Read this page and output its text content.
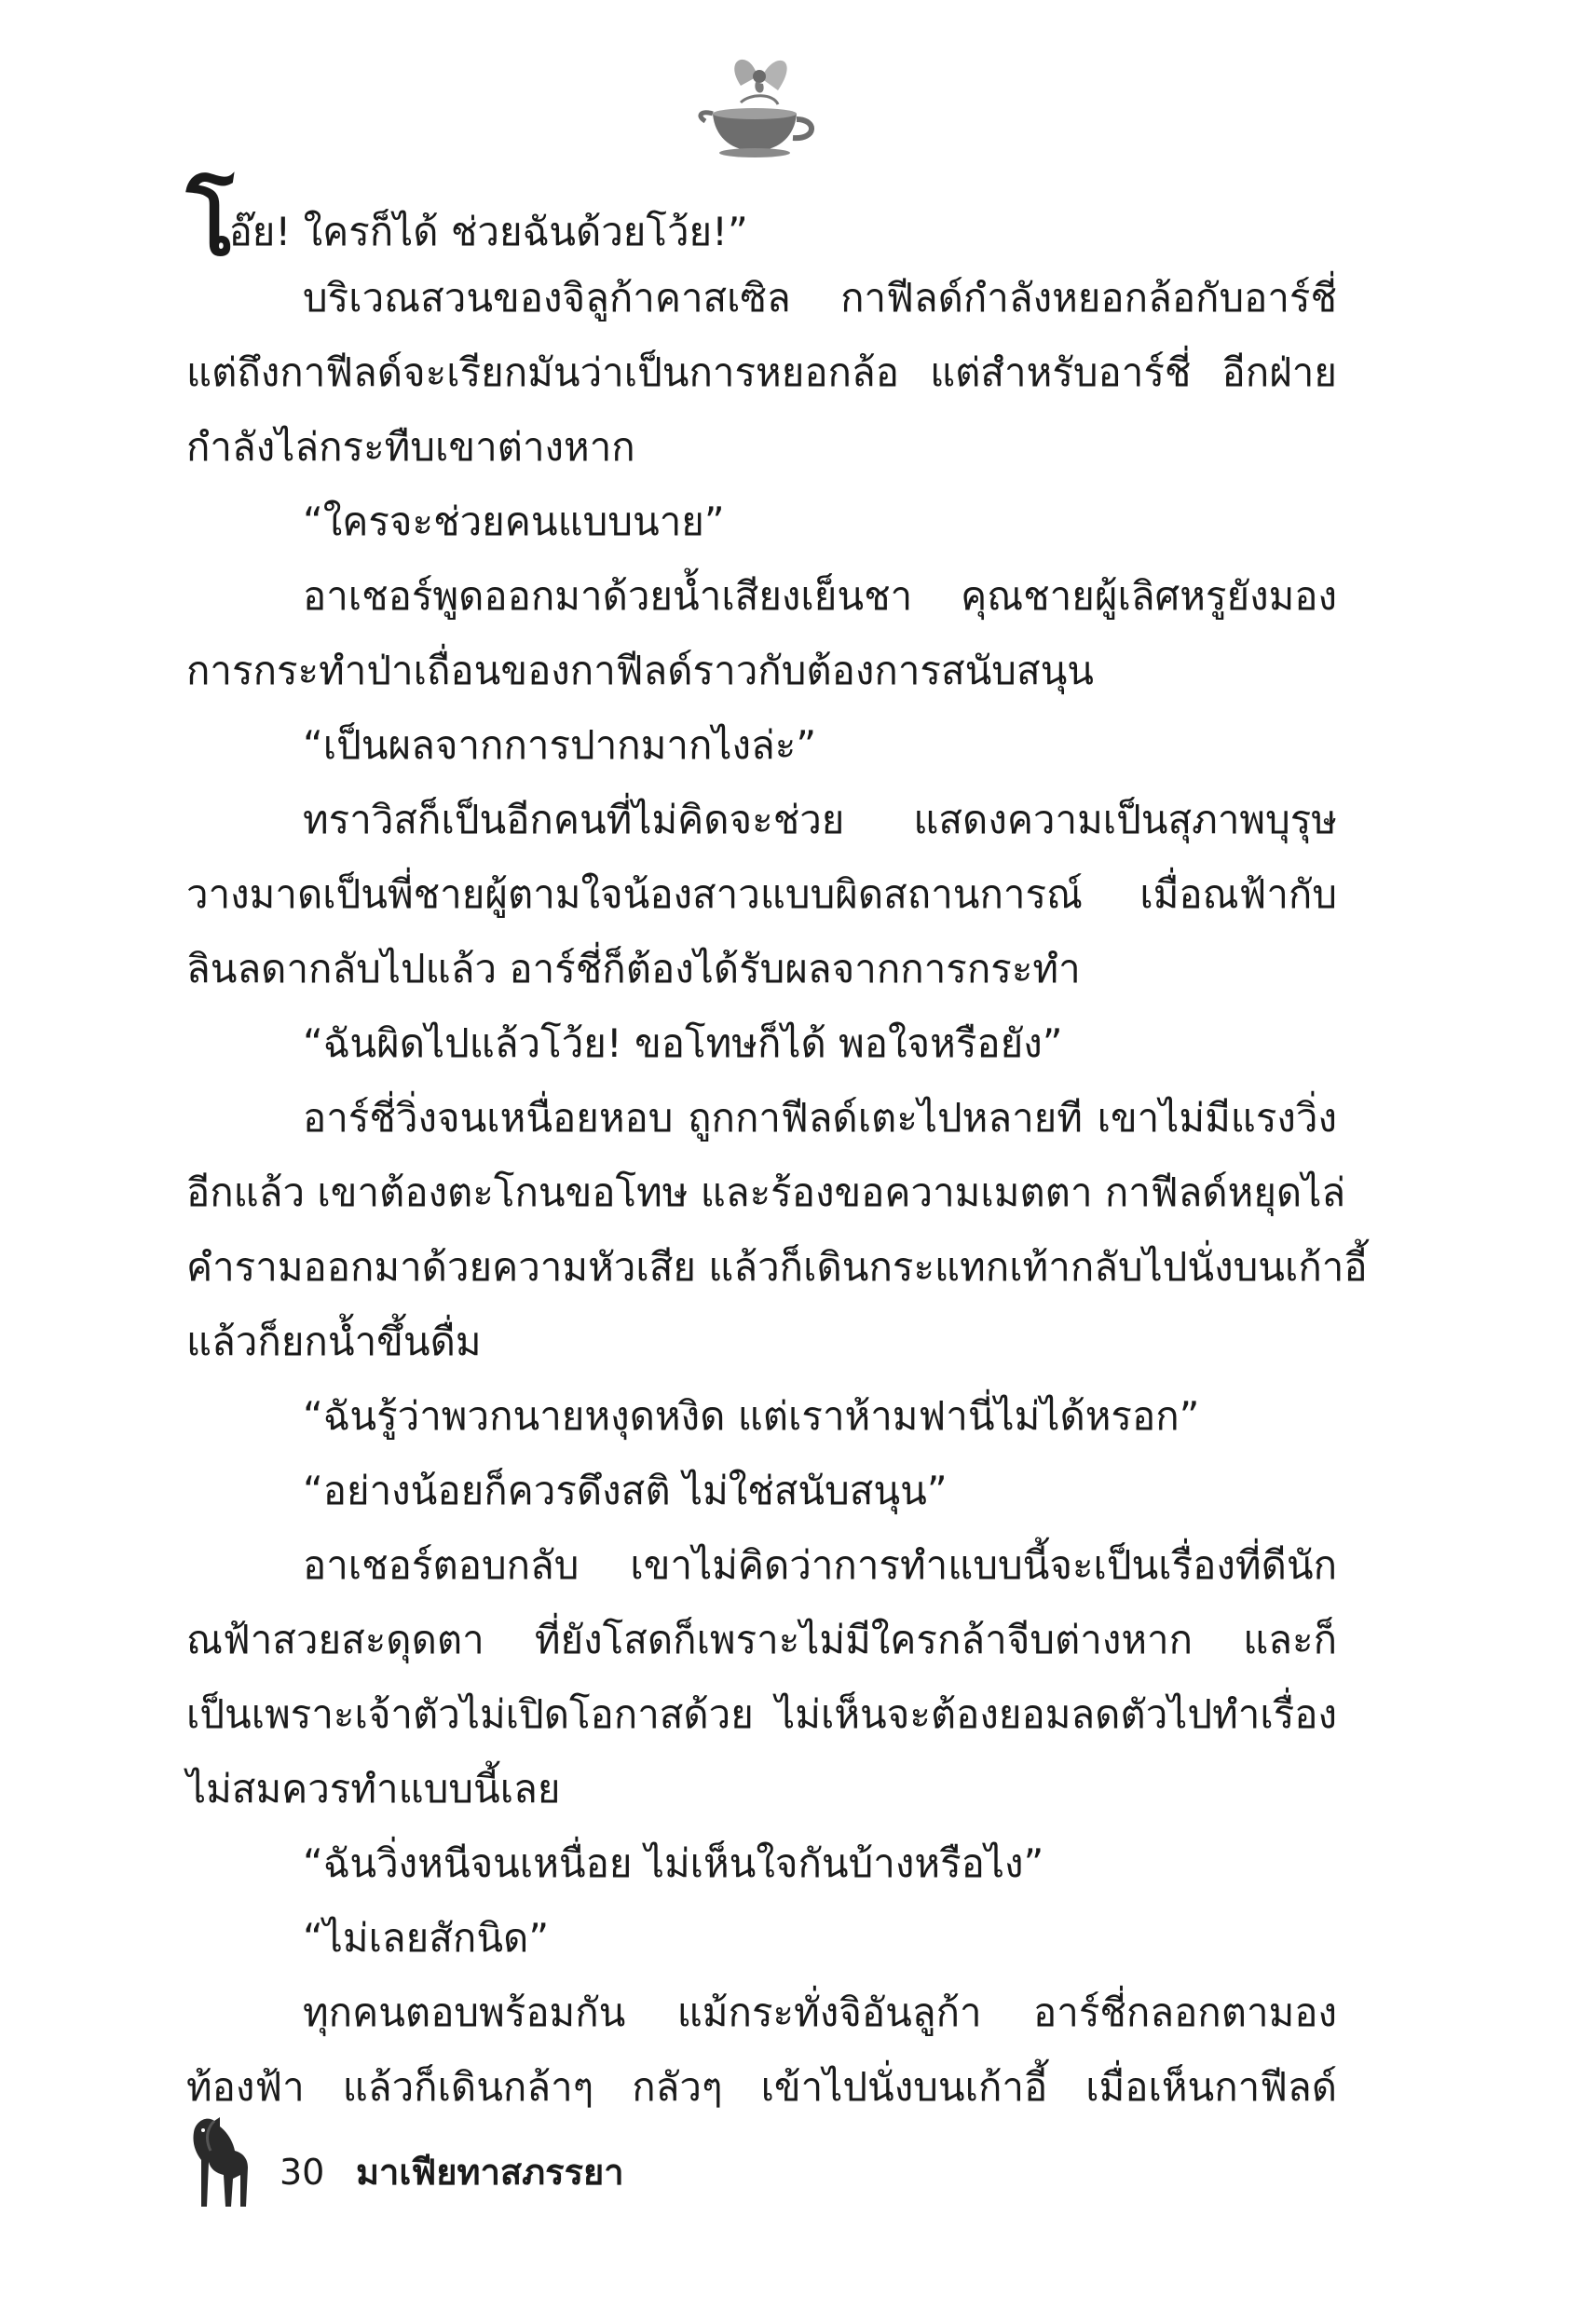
โอ๊ย! ใครก็ได้ ช่วยฉันด้วยโว้ย!”
บริเวณสวนของจิลูก้าคาสเซิล กาฟีลด์กำลังหยอกล้อกับอาร์ชี่
แต่ถึงกาฟีลด์จะเรียกมันว่าเป็นการหยอกล้อ แต่สำหรับอาร์ชี่ อีกฝ่าย
กำลังไล่กระทืบเขาต่างหาก
“ใครจะช่วยคนแบบนาย”
อาเชอร์พูดออกมาด้วยน้ำเสียงเย็นชา คุณชายผู้เลิศหรูยังมอง
การกระทำป่าเถื่อนของกาฟีลด์ราวกับต้องการสนับสนุน
“เป็นผลจากการปากมากไงล่ะ”
ทราวิสก็เป็นอีกคนที่ไม่คิดจะช่วย แสดงความเป็นสุภาพบุรุษ
วางมาดเป็นพี่ชายผู้ตามใจน้องสาวแบบผิดสถานการณ์ เมื่อณฟ้ากับ
ลินลดากลับไปแล้ว อาร์ชี่ก็ต้องได้รับผลจากการกระทำ
“ฉันผิดไปแล้วโว้ย! ขอโทษก็ได้ พอใจหรือยัง”
อาร์ชี่วิ่งจนเหนื่อยหอบ ถูกกาฟีลด์เตะไปหลายที เขาไม่มีแรงวิ่ง
อีกแล้ว เขาต้องตะโกนขอโทษ และร้องขอความเมตตา กาฟีลด์หยุดไล่
คำรามออกมาด้วยความหัวเสีย แล้วก็เดินกระแทกเท้ากลับไปนั่งบนเก้าอี้
แล้วก็ยกน้ำขึ้นดื่ม
“ฉันรู้ว่าพวกนายหงุดหงิด แต่เราห้ามฟานี่ไม่ได้หรอก”
“อย่างน้อยก็ควรดึงสติ ไม่ใช่สนับสนุน”
อาเชอร์ตอบกลับ เขาไม่คิดว่าการทำแบบนี้จะเป็นเรื่องที่ดีนัก
ณฟ้าสวยสะดุดตา ที่ยังโสดก็เพราะไม่มีใครกล้าจีบต่างหาก และก็
เป็นเพราะเจ้าตัวไม่เปิดโอกาสด้วย ไม่เห็นจะต้องยอมลดตัวไปทำเรื่อง
ไม่สมควรทำแบบนี้เลย
“ฉันวิ่งหนีจนเหนื่อย ไม่เห็นใจกันบ้างหรือไง”
“ไม่เลยสักนิด”
ทุกคนตอบพร้อมกัน แม้กระทั่งจิอันลูก้า อาร์ชี่กลอกตามอง
ท้องฟ้า แล้วก็เดินกล้าๆ กลัวๆ เข้าไปนั่งบนเก้าอี้ เมื่อเห็นกาฟีลด์
30 มาเฟียทาสภรรยา
